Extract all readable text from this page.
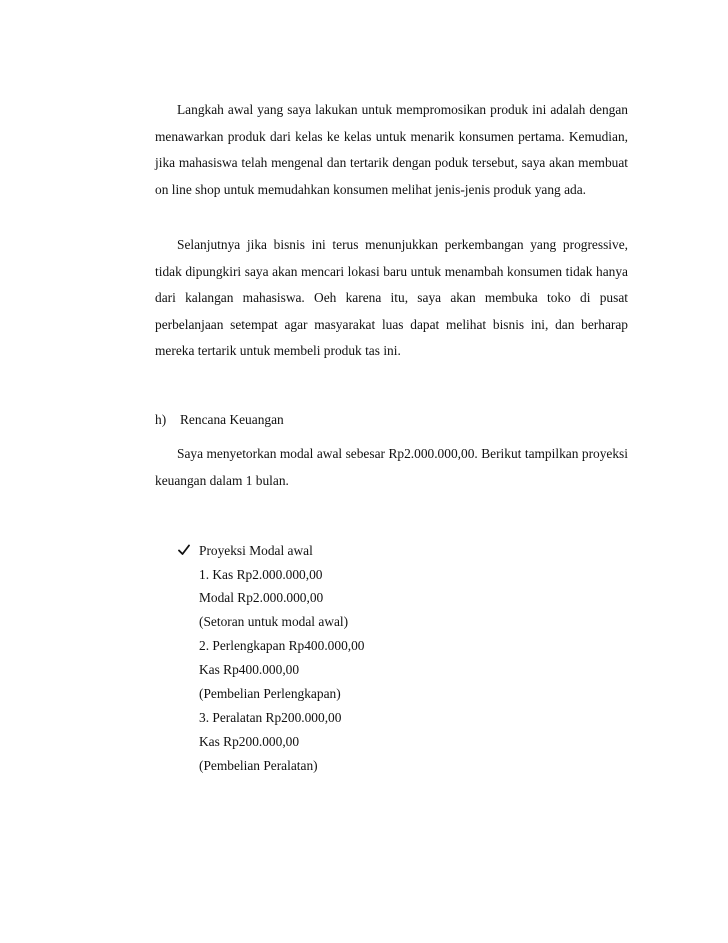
Langkah awal yang saya lakukan untuk mempromosikan produk ini adalah dengan menawarkan produk dari kelas ke kelas untuk menarik konsumen pertama. Kemudian, jika mahasiswa telah mengenal dan tertarik dengan poduk tersebut, saya akan membuat on line shop untuk memudahkan konsumen melihat jenis-jenis produk yang ada.

Selanjutnya jika bisnis ini terus menunjukkan perkembangan yang progressive, tidak dipungkiri saya akan mencari lokasi baru untuk menambah konsumen tidak hanya dari kalangan mahasiswa. Oeh karena itu, saya akan membuka toko di pusat perbelanjaan setempat agar masyarakat luas dapat melihat bisnis ini, dan berharap mereka tertarik untuk membeli produk tas ini.

h) Rencana Keuangan

Saya menyetorkan modal awal sebesar Rp2.000.000,00. Berikut tampilkan proyeksi keuangan dalam 1 bulan.

Proyeksi Modal awal
1. Kas Rp2.000.000,00
Modal Rp2.000.000,00
(Setoran untuk modal awal)
2. Perlengkapan Rp400.000,00
Kas Rp400.000,00
(Pembelian Perlengkapan)
3. Peralatan Rp200.000,00
Kas Rp200.000,00
(Pembelian Peralatan)
